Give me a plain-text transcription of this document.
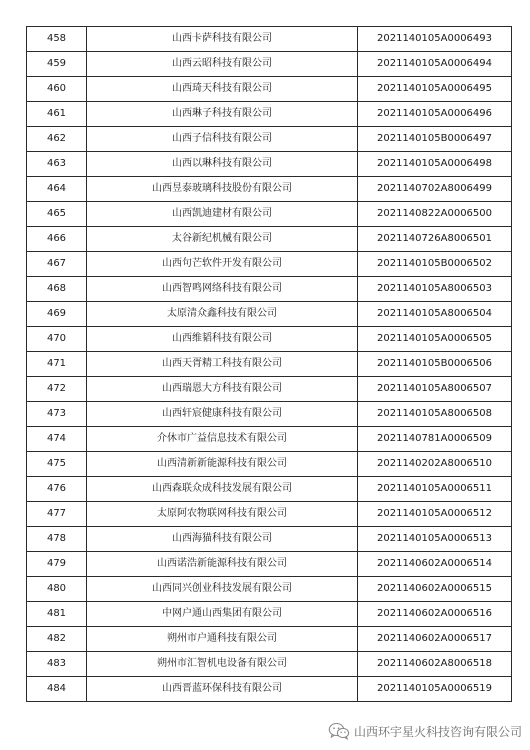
458	山西卡萨科技有限公司	2021140105A0006493
459	山西云昭科技有限公司	2021140105A0006494
460	山西琦天科技有限公司	2021140105A0006495
461	山西琳子科技有限公司	2021140105A0006496
462	山西子信科技有限公司	2021140105B0006497
463	山西以琳科技有限公司	2021140105A0006498
464	山西昱泰玻璃科技股份有限公司	2021140702A8006499
465	山西凯迪建材有限公司	2021140822A0006500
466	太谷新纪机械有限公司	2021140726A8006501
467	山西句芒软件开发有限公司	2021140105B0006502
468	山西智鸣网络科技有限公司	2021140105A8006503
469	太原清众鑫科技有限公司	2021140105A8006504
470	山西维韬科技有限公司	2021140105A0006505
471	山西天胥精工科技有限公司	2021140105B0006506
472	山西瑞恩大方科技有限公司	2021140105A8006507
473	山西轩宸健康科技有限公司	2021140105A8006508
474	介休市广益信息技术有限公司	2021140781A0006509
475	山西清新新能源科技有限公司	2021140202A8006510
476	山西森联众成科技发展有限公司	2021140105A0006511
477	太原阿农物联网科技有限公司	2021140105A0006512
478	山西海猫科技有限公司	2021140105A0006513
479	山西诺浩新能源科技有限公司	2021140602A0006514
480	山西同兴创业科技发展有限公司	2021140602A0006515
481	中网户通山西集团有限公司	2021140602A0006516
482	朔州市户通科技有限公司	2021140602A0006517
483	朔州市汇智机电设备有限公司	2021140602A8006518
484	山西晋蓝环保科技有限公司	2021140105A0006519
山西环宇星火科技咨询有限公司
